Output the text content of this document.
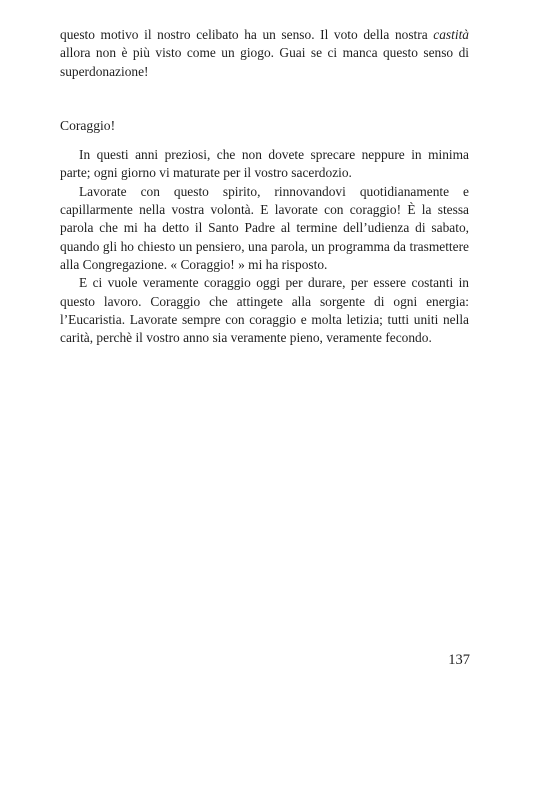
questo motivo il nostro celibato ha un senso. Il voto della nostra castità allora non è più visto come un giogo. Guai se ci manca questo senso di superdonazione!

Coraggio!

In questi anni preziosi, che non dovete sprecare neppure in minima parte; ogni giorno vi maturate per il vostro sacerdozio.

Lavorate con questo spirito, rinnovandovi quotidianamente e capillarmente nella vostra volontà. E lavorate con coraggio! È la stessa parola che mi ha detto il Santo Padre al termine dell’udienza di sabato, quando gli ho chiesto un pensiero, una parola, un programma da trasmettere alla Congregazione. « Coraggio! » mi ha risposto.

E ci vuole veramente coraggio oggi per durare, per essere costanti in questo lavoro. Coraggio che attingete alla sorgente di ogni energia: l’Eucaristia. Lavorate sempre con coraggio e molta letizia; tutti uniti nella carità, perchè il vostro anno sia veramente pieno, veramente fecondo.

137
